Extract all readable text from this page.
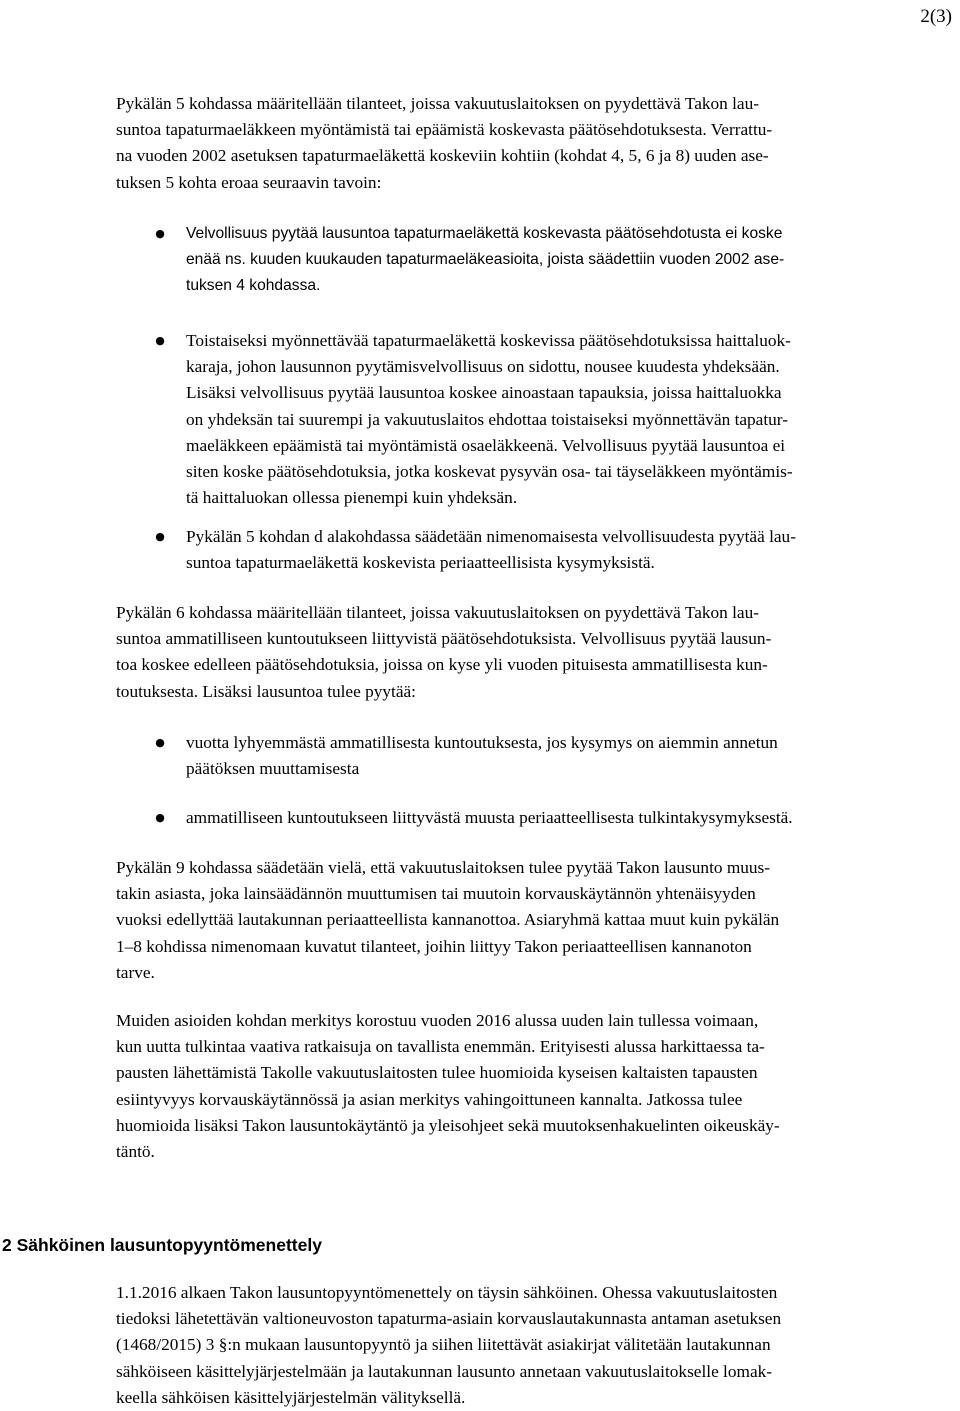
2(3)

Pykälän 5 kohdassa määritellään tilanteet, joissa vakuutuslaitoksen on pyydettävä Takon lau-
suntoa tapaturmaeläkkeen myöntämistä tai epäämistä koskevasta päätösehdotuksesta. Verrattu-
na vuoden 2002 asetuksen tapaturmaeläkettä koskeviin kohtiin (kohdat 4, 5, 6 ja 8) uuden ase-
tuksen 5 kohta eroaa seuraavin tavoin:

●	Velvollisuus pyytää lausuntoa tapaturmaeläkettä koskevasta päätösehdotusta ei koske
enää ns. kuuden kuukauden tapaturmaeläkeasioita, joista säädettiin vuoden 2002 ase-
tuksen 4 kohdassa.
●	Toistaiseksi myönnettävää tapaturmaeläkettä koskevissa päätösehdotuksissa haittaluok-
karaja, johon lausunnon pyytämisvelvollisuus on sidottu, nousee kuudesta yhdeksään.
Lisäksi velvollisuus pyytää lausuntoa koskee ainoastaan tapauksia, joissa haittaluokka
on yhdeksän tai suurempi ja vakuutuslaitos ehdottaa toistaiseksi myönnettävän tapatur-
maeläkkeen epäämistä tai myöntämistä osaeläkkeenä. Velvollisuus pyytää lausuntoa ei
siten koske päätösehdotuksia, jotka koskevat pysyvän osa- tai täyseläkkeen myöntämis-
tä haittaluokan ollessa pienempi kuin yhdeksän.
●	Pykälän 5 kohdan d alakohdassa säädetään nimenomaisesta velvollisuudesta pyytää lau-
suntoa tapaturmaeläkettä koskevista periaatteellisista kysymyksistä.

Pykälän 6 kohdassa määritellään tilanteet, joissa vakuutuslaitoksen on pyydettävä Takon lau-
suntoa ammatilliseen kuntoutukseen liittyvistä päätösehdotuksista. Velvollisuus pyytää lausun-
toa koskee edelleen päätösehdotuksia, joissa on kyse yli vuoden pituisesta ammatillisesta kun-
toutuksesta. Lisäksi lausuntoa tulee pyytää:

●	vuotta lyhyemmästä ammatillisesta kuntoutuksesta, jos kysymys on aiemmin annetun
päätöksen muuttamisesta
●	ammatilliseen kuntoutukseen liittyvästä muusta periaatteellisesta tulkintakysymyksestä.

Pykälän 9 kohdassa säädetään vielä, että vakuutuslaitoksen tulee pyytää Takon lausunto muus-
takin asiasta, joka lainsäädännön muuttumisen tai muutoin korvauskäytännön yhtenäisyyden
vuoksi edellyttää lautakunnan periaatteellista kannanottoa. Asiaryhmä kattaa muut kuin pykälän
1–8 kohdissa nimenomaan kuvatut tilanteet, joihin liittyy Takon periaatteellisen kannanoton
tarve.

Muiden asioiden kohdan merkitys korostuu vuoden 2016 alussa uuden lain tullessa voimaan,
kun uutta tulkintaa vaativa ratkaisuja on tavallista enemmän. Erityisesti alussa harkittaessa ta-
pausten lähettämistä Takolle vakuutuslaitosten tulee huomioida kyseisen kaltaisten tapausten
esiintyvyys korvauskäytännössä ja asian merkitys vahingoittuneen kannalta. Jatkossa tulee
huomioida lisäksi Takon lausuntokäytäntö ja yleisohjeet sekä muutoksenhakuelinten oikeuskäy-
täntö.

2 Sähköinen lausuntopyyntömenettely

1.1.2016 alkaen Takon lausuntopyyntömenettely on täysin sähköinen. Ohessa vakuutuslaitosten
tiedoksi lähetettävän valtioneuvoston tapaturma-asiain korvauslautakunnasta antaman asetuksen
(1468/2015) 3 §:n mukaan lausuntopyyntö ja siihen liitettävät asiakirjat välitetään lautakunnan
sähköiseen käsittelyjärjestelmään ja lautakunnan lausunto annetaan vakuutuslaitokselle lomak-
keella sähköisen käsittelyjärjestelmän välityksellä.
